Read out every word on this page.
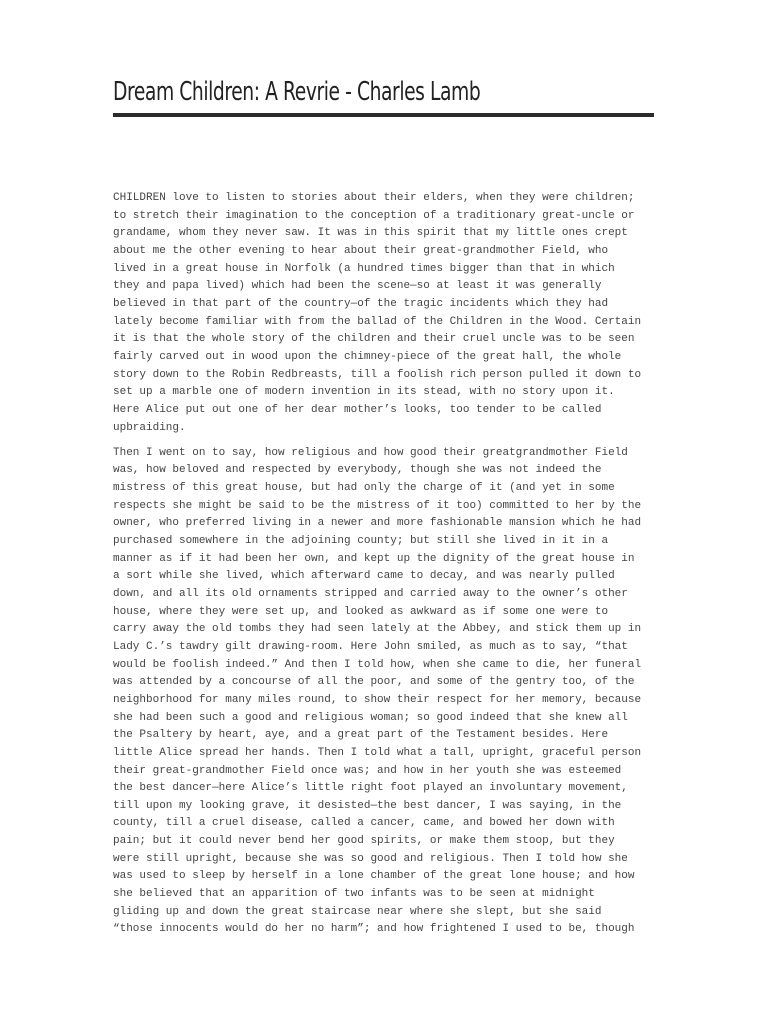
Dream Children: A Revrie - Charles Lamb

CHILDREN love to listen to stories about their elders, when they were children;
to stretch their imagination to the conception of a traditionary great-uncle or
grandame, whom they never saw. It was in this spirit that my little ones crept
about me the other evening to hear about their great-grandmother Field, who
lived in a great house in Norfolk (a hundred times bigger than that in which
they and papa lived) which had been the scene—so at least it was generally
believed in that part of the country—of the tragic incidents which they had
lately become familiar with from the ballad of the Children in the Wood. Certain
it is that the whole story of the children and their cruel uncle was to be seen
fairly carved out in wood upon the chimney-piece of the great hall, the whole
story down to the Robin Redbreasts, till a foolish rich person pulled it down to
set up a marble one of modern invention in its stead, with no story upon it.
Here Alice put out one of her dear mother’s looks, too tender to be called
upbraiding.

Then I went on to say, how religious and how good their greatgrandmother Field
was, how beloved and respected by everybody, though she was not indeed the
mistress of this great house, but had only the charge of it (and yet in some
respects she might be said to be the mistress of it too) committed to her by the
owner, who preferred living in a newer and more fashionable mansion which he had
purchased somewhere in the adjoining county; but still she lived in it in a
manner as if it had been her own, and kept up the dignity of the great house in
a sort while she lived, which afterward came to decay, and was nearly pulled
down, and all its old ornaments stripped and carried away to the owner’s other
house, where they were set up, and looked as awkward as if some one were to
carry away the old tombs they had seen lately at the Abbey, and stick them up in
Lady C.’s tawdry gilt drawing-room. Here John smiled, as much as to say, “that
would be foolish indeed.” And then I told how, when she came to die, her funeral
was attended by a concourse of all the poor, and some of the gentry too, of the
neighborhood for many miles round, to show their respect for her memory, because
she had been such a good and religious woman; so good indeed that she knew all
the Psaltery by heart, aye, and a great part of the Testament besides. Here
little Alice spread her hands. Then I told what a tall, upright, graceful person
their great-grandmother Field once was; and how in her youth she was esteemed
the best dancer—here Alice’s little right foot played an involuntary movement,
till upon my looking grave, it desisted—the best dancer, I was saying, in the
county, till a cruel disease, called a cancer, came, and bowed her down with
pain; but it could never bend her good spirits, or make them stoop, but they
were still upright, because she was so good and religious. Then I told how she
was used to sleep by herself in a lone chamber of the great lone house; and how
she believed that an apparition of two infants was to be seen at midnight
gliding up and down the great staircase near where she slept, but she said
“those innocents would do her no harm”; and how frightened I used to be, though
